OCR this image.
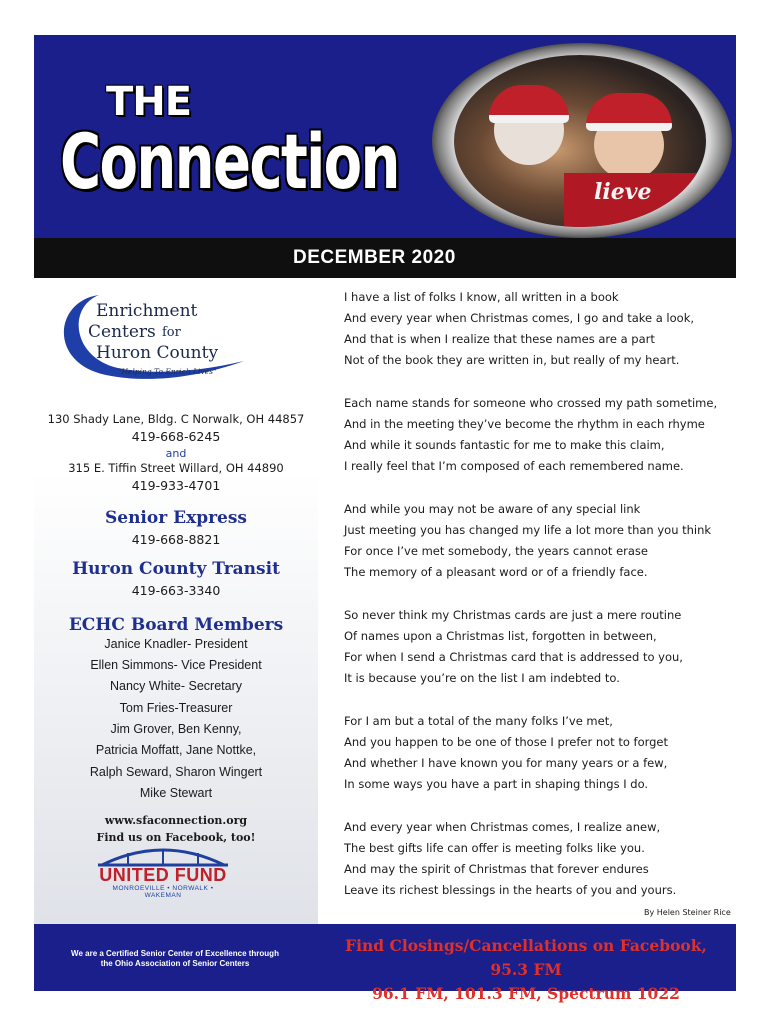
THE
Connection	lieve
DECEMBER 2020
Enrichment
Centers for
Huron County
"Helping To Enrich Lives"
130 Shady Lane, Bldg. C Norwalk, OH 44857
419-668-6245
and
315 E. Tiffin Street Willard, OH 44890
419-933-4701
Senior Express
419-668-8821
Huron County Transit
419-663-3340
ECHC Board Members
Janice Knadler- President
Ellen Simmons- Vice President
Nancy White- Secretary
Tom Fries-Treasurer
Jim Grover, Ben Kenny,
Patricia Moffatt, Jane Nottke,
Ralph Seward, Sharon Wingert
Mike Stewart
www.sfaconnection.org
Find us on Facebook, too!
UNITED FUND
MONROEVILLE • NORWALK • WAKEMAN
I have a list of folks I know, all written in a book
And every year when Christmas comes, I go and take a look,
And that is when I realize that these names are a part
Not of the book they are written in, but really of my heart.
Each name stands for someone who crossed my path sometime,
And in the meeting they’ve become the rhythm in each rhyme
And while it sounds fantastic for me to make this claim,
I really feel that I’m composed of each remembered name.
And while you may not be aware of any special link
Just meeting you has changed my life a lot more than you think
For once I’ve met somebody, the years cannot erase
The memory of a pleasant word or of a friendly face.
So never think my Christmas cards are just a mere routine
Of names upon a Christmas list, forgotten in between,
For when I send a Christmas card that is addressed to you,
It is because you’re on the list I am indebted to.
For I am but a total of the many folks I’ve met,
And you happen to be one of those I prefer not to forget
And whether I have known you for many years or a few,
In some ways you have a part in shaping things I do.
And every year when Christmas comes, I realize anew,
The best gifts life can offer is meeting folks like you.
And may the spirit of Christmas that forever endures
Leave its richest blessings in the hearts of you and yours.
By Helen Steiner Rice
We are a Certified Senior Center of Excellence through
the Ohio Association of Senior Centers
Find Closings/Cancellations on Facebook, 95.3 FM
96.1 FM, 101.3 FM, Spectrum 1022
